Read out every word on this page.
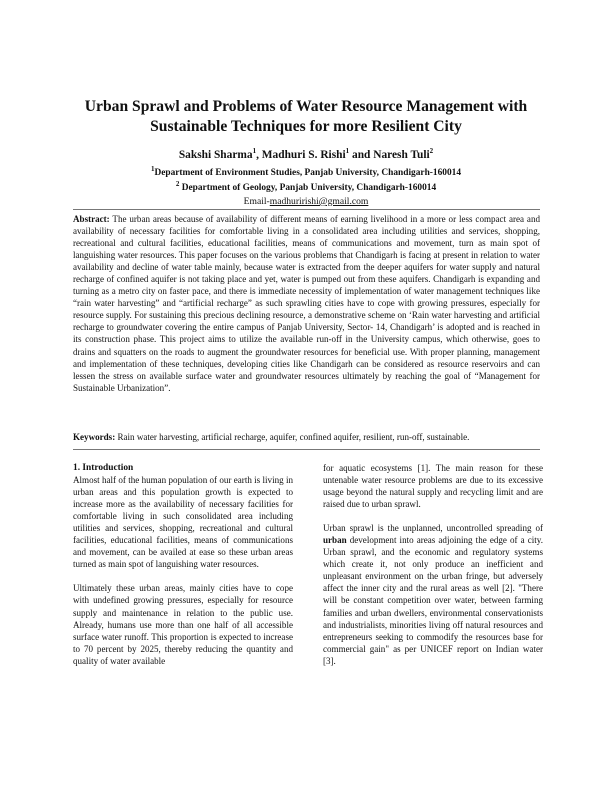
Urban Sprawl and Problems of Water Resource Management with Sustainable Techniques for more Resilient City
Sakshi Sharma$^1$, Madhuri S. Rishi$^1$ and Naresh Tuli$^2$
$^1$Department of Environment Studies, Panjab University, Chandigarh-160014
$^2$ Department of Geology, Panjab University, Chandigarh-160014
Email-madhuririshi@gmail.com
Abstract: The urban areas because of availability of different means of earning livelihood in a more or less compact area and availability of necessary facilities for comfortable living in a consolidated area including utilities and services, shopping, recreational and cultural facilities, educational facilities, means of communications and movement, turn as main spot of languishing water resources. This paper focuses on the various problems that Chandigarh is facing at present in relation to water availability and decline of water table mainly, because water is extracted from the deeper aquifers for water supply and natural recharge of confined aquifer is not taking place and yet, water is pumped out from these aquifers. Chandigarh is expanding and turning as a metro city on faster pace, and there is immediate necessity of implementation of water management techniques like “rain water harvesting” and “artificial recharge” as such sprawling cities have to cope with growing pressures, especially for resource supply. For sustaining this precious declining resource, a demonstrative scheme on ‘Rain water harvesting and artificial recharge to groundwater covering the entire campus of Panjab University, Sector- 14, Chandigarh’ is adopted and is reached in its construction phase. This project aims to utilize the available run-off in the University campus, which otherwise, goes to drains and squatters on the roads to augment the groundwater resources for beneficial use. With proper planning, management and implementation of these techniques, developing cities like Chandigarh can be considered as resource reservoirs and can lessen the stress on available surface water and groundwater resources ultimately by reaching the goal of “Management for Sustainable Urbanization”.
Keywords: Rain water harvesting, artificial recharge, aquifer, confined aquifer, resilient, run-off, sustainable.
1. Introduction

Almost half of the human population of our earth is living in urban areas and this population growth is expected to increase more as the availability of necessary facilities for comfortable living in such consolidated area including utilities and services, shopping, recreational and cultural facilities, educational facilities, means of communications and movement, can be availed at ease so these urban areas turned as main spot of languishing water resources.

Ultimately these urban areas, mainly cities have to cope with undefined growing pressures, especially for resource supply and maintenance in relation to the public use. Already, humans use more than one half of all accessible surface water runoff. This proportion is expected to increase to 70 percent by 2025, thereby reducing the quantity and quality of water available

for aquatic ecosystems [1]. The main reason for these untenable water resource problems are due to its excessive usage beyond the natural supply and recycling limit and are raised due to urban sprawl.

Urban sprawl is the unplanned, uncontrolled spreading of urban development into areas adjoining the edge of a city. Urban sprawl, and the economic and regulatory systems which create it, not only produce an inefficient and unpleasant environment on the urban fringe, but adversely affect the inner city and the rural areas as well [2]. "There will be constant competition over water, between farming families and urban dwellers, environmental conservationists and industrialists, minorities living off natural resources and entrepreneurs seeking to commodify the resources base for commercial gain" as per UNICEF report on Indian water [3].
